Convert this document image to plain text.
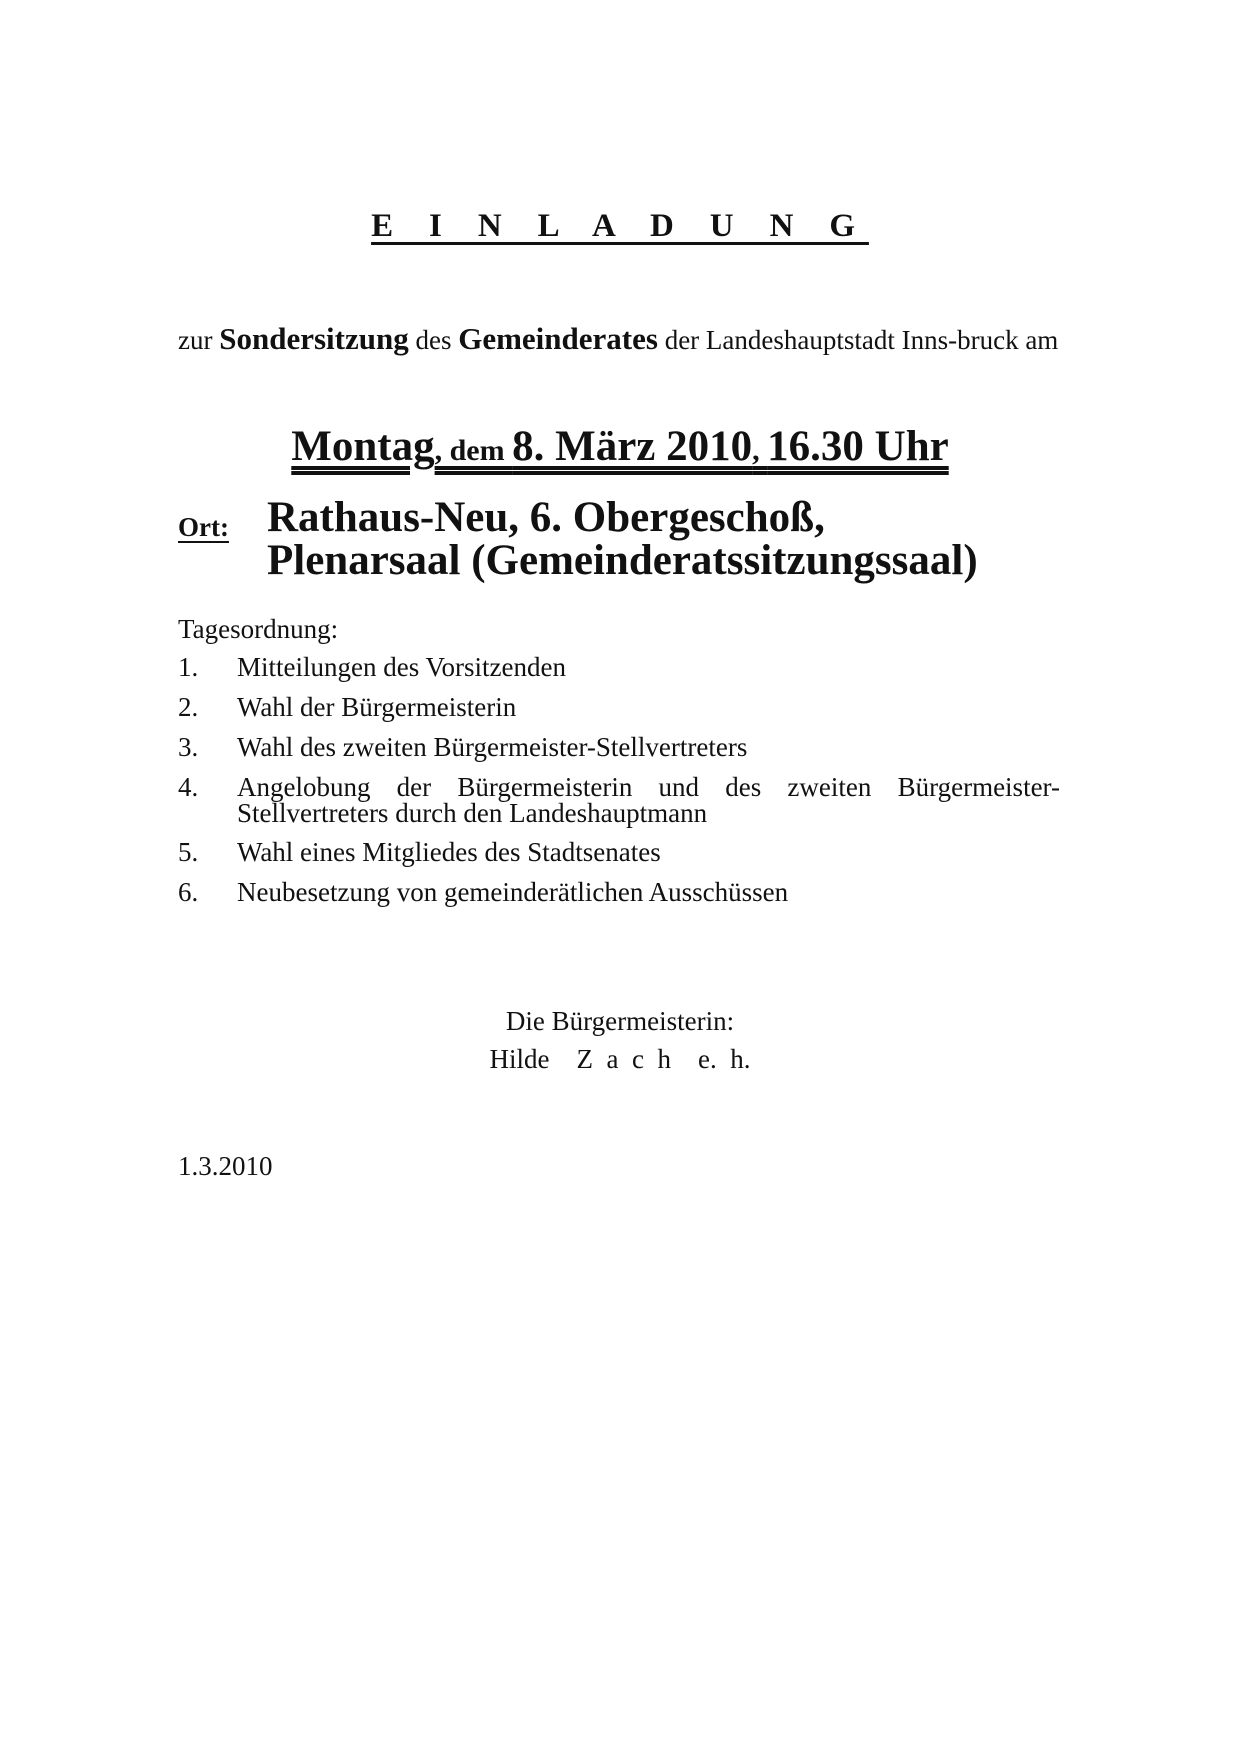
E I N L A D U N G
zur Sondersitzung des Gemeinderates der Landeshauptstadt Inns-bruck am
Montag, dem 8. März 2010, 16.30 Uhr
Ort: Rathaus-Neu, 6. Obergeschoß,
Plenarsaal (Gemeinderatssitzungssaal)
Tagesordnung:
1.	Mitteilungen des Vorsitzenden
2.	Wahl der Bürgermeisterin
3.	Wahl des zweiten Bürgermeister-Stellvertreters
4.	Angelobung der Bürgermeisterin und des zweiten Bürgermeister-Stellvertreters durch den Landeshauptmann
5.	Wahl eines Mitgliedes des Stadtsenates
6.	Neubesetzung von gemeinderätlichen Ausschüssen
Die Bürgermeisterin:
Hilde  Z a c h  e. h.
1.3.2010
